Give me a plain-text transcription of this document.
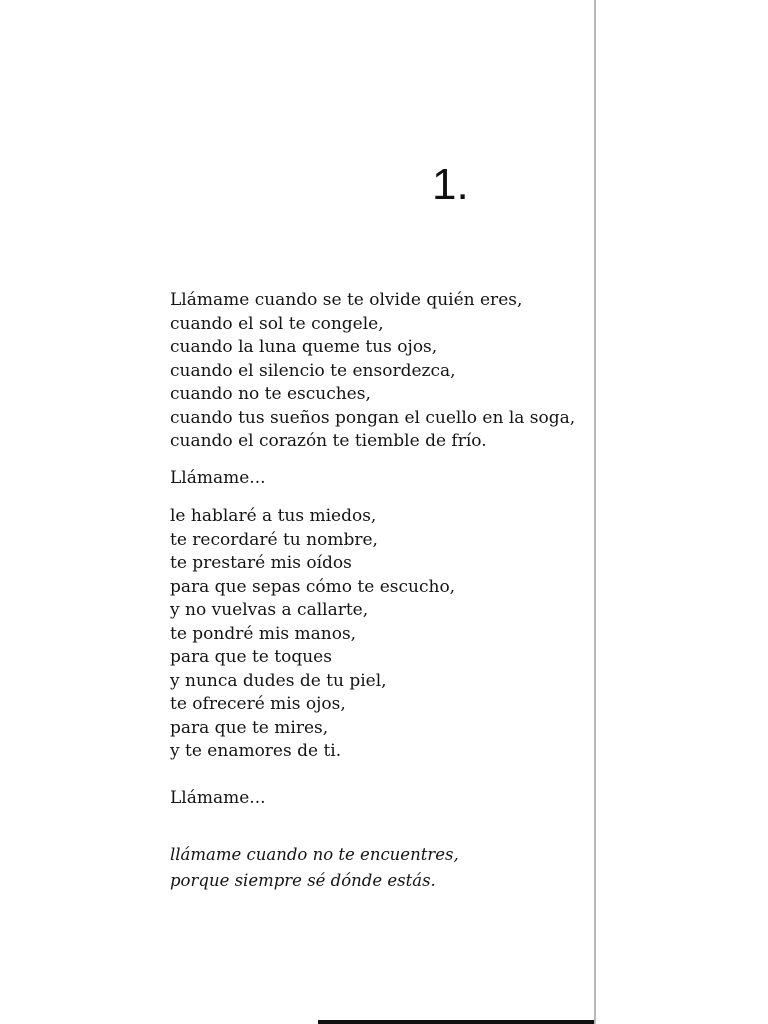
1.
Llámame cuando se te olvide quién eres,
cuando el sol te congele,
cuando la luna queme tus ojos,
cuando el silencio te ensordezca,
cuando no te escuches,
cuando tus sueños pongan el cuello en la soga,
cuando el corazón te tiemble de frío.
Llámame...
le hablaré a tus miedos,
te recordaré tu nombre,
te prestaré mis oídos
para que sepas cómo te escucho,
y no vuelvas a callarte,
te pondré mis manos,
para que te toques
y nunca dudes de tu piel,
te ofreceré mis ojos,
para que te mires,
y te enamores de ti.
Llámame...
llámame cuando no te encuentres,
porque siempre sé dónde estás.
